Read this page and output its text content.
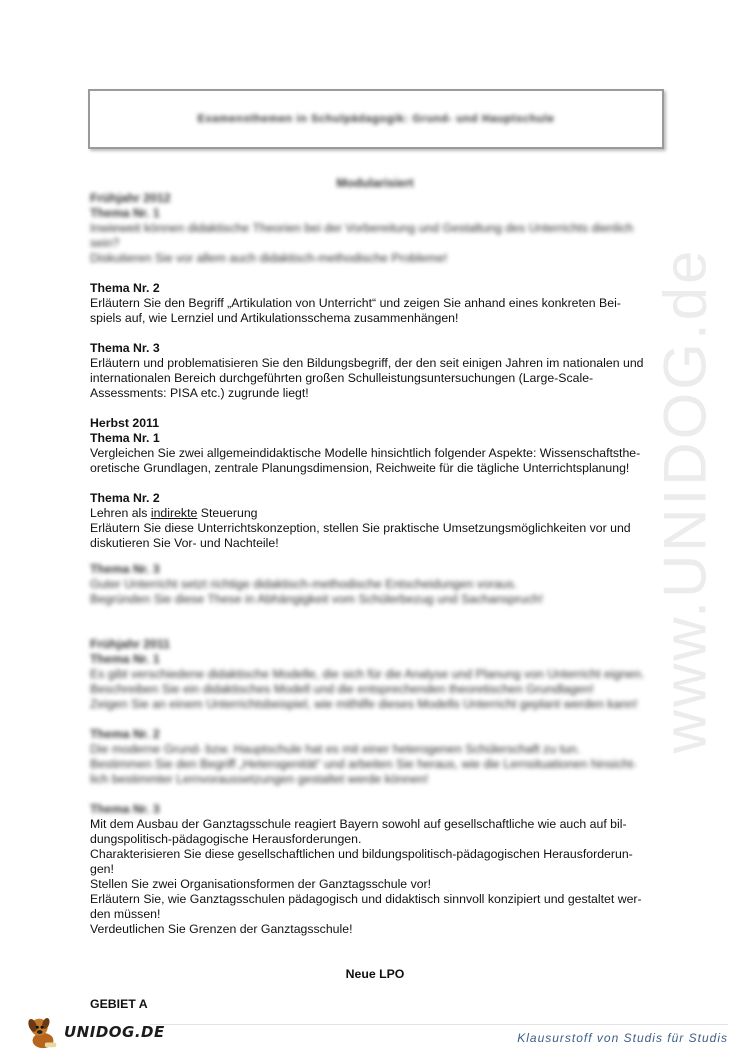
www.UNIDOG.de
Examensthemen in Schulpädagogik: Grund- und Hauptschule
Modularisiert
Frühjahr 2012
Thema Nr. 1

Inwieweit können didaktische Theorien bei der Vorbereitung und Gestaltung des Unterrichts dienlich sein?

Diskutieren Sie vor allem auch didaktisch-methodische Probleme!

Thema Nr. 2

Erläutern Sie den Begriff „Artikulation von Unterricht“ und zeigen Sie anhand eines konkreten Bei-

spiels auf, wie Lernziel und Artikulationsschema zusammenhängen!

Thema Nr. 3

Erläutern und problematisieren Sie den Bildungsbegriff, der den seit einigen Jahren im nationalen und

internationalen Bereich durchgeführten großen Schulleistungsuntersuchungen (Large-Scale-

Assessments: PISA etc.) zugrunde liegt!

Herbst 2011
Thema Nr. 1

Vergleichen Sie zwei allgemeindidaktische Modelle hinsichtlich folgender Aspekte: Wissenschaftsthe-

oretische Grundlagen, zentrale Planungsdimension, Reichweite für die tägliche Unterrichtsplanung!

Thema Nr. 2

Lehren als indirekte Steuerung

Erläutern Sie diese Unterrichtskonzeption, stellen Sie praktische Umsetzungsmöglichkeiten vor und

diskutieren Sie Vor- und Nachteile!

Thema Nr. 3

Guter Unterricht setzt richtige didaktisch-methodische Entscheidungen voraus.

Begründen Sie diese These in Abhängigkeit vom Schülerbezug und Sachanspruch!

Frühjahr 2011
Thema Nr. 1

Es gibt verschiedene didaktische Modelle, die sich für die Analyse und Planung von Unterricht eignen.

Beschreiben Sie ein didaktisches Modell und die entsprechenden theoretischen Grundlagen!

Zeigen Sie an einem Unterrichtsbeispiel, wie mithilfe dieses Modells Unterricht geplant werden kann!

Thema Nr. 2

Die moderne Grund- bzw. Hauptschule hat es mit einer heterogenen Schülerschaft zu tun.

Bestimmen Sie den Begriff „Heterogenität“ und arbeiten Sie heraus, wie die Lernsituationen hinsicht-

lich bestimmter Lernvoraussetzungen gestaltet werde können!

Thema Nr. 3

Mit dem Ausbau der Ganztagsschule reagiert Bayern sowohl auf gesellschaftliche wie auch auf bil-

dungspolitisch-pädagogische Herausforderungen.

Charakterisieren Sie diese gesellschaftlichen und bildungspolitisch-pädagogischen Herausforderun-

gen!

Stellen Sie zwei Organisationsformen der Ganztagsschule vor!

Erläutern Sie, wie Ganztagsschulen pädagogisch und didaktisch sinnvoll konzipiert und gestaltet wer-

den müssen!

Verdeutlichen Sie Grenzen der Ganztagsschule!

Neue LPO
GEBIET A
UNIDOG.DE	Klausurstoff von Studis für Studis
